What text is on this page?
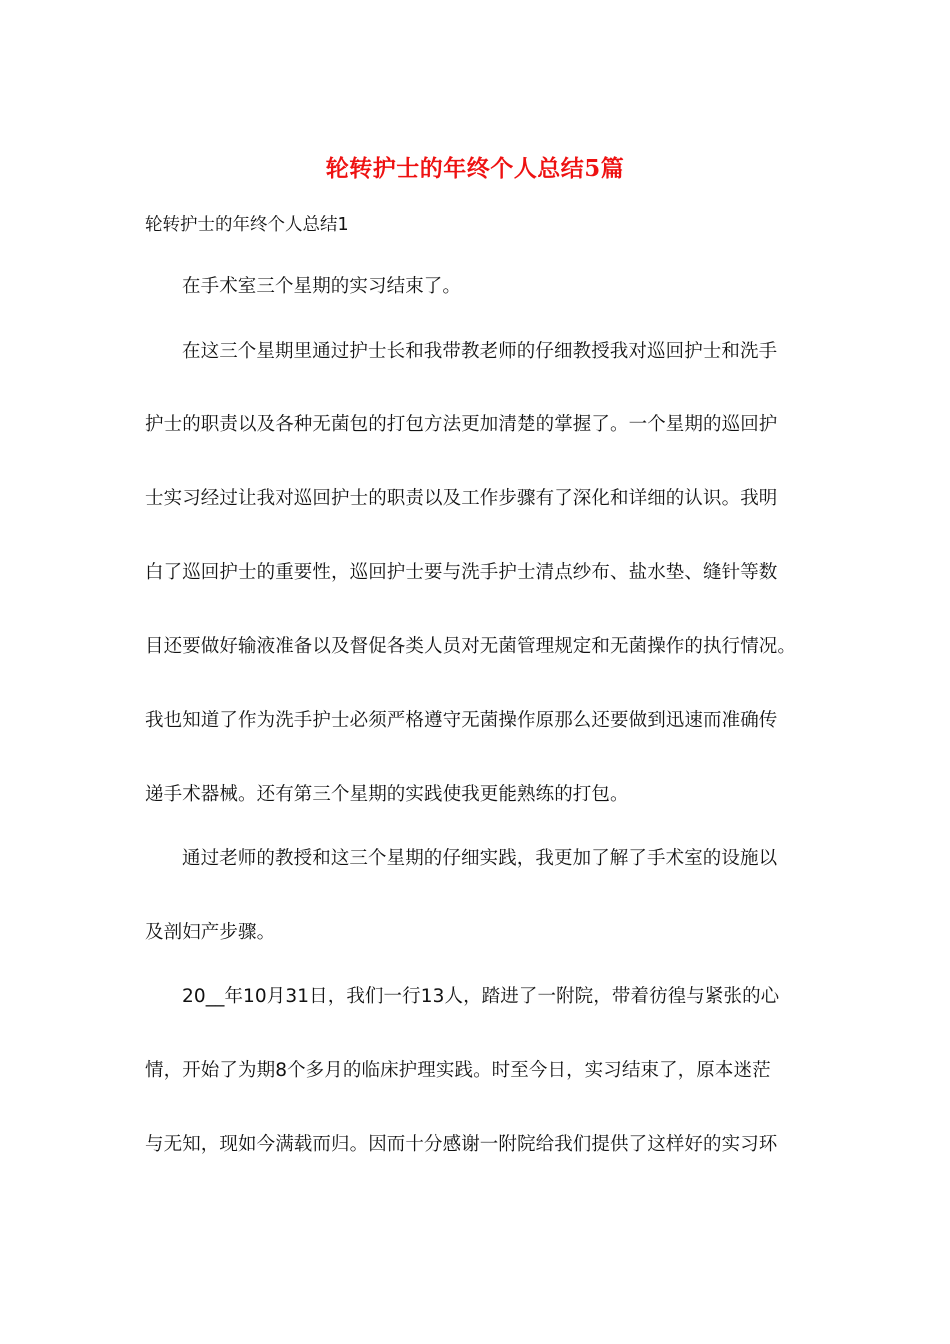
轮转护士的年终个人总结5篇
轮转护士的年终个人总结1
在手术室三个星期的实习结束了。
在这三个星期里通过护士长和我带教老师的仔细教授我对巡回护士和洗手
护士的职责以及各种无菌包的打包方法更加清楚的掌握了。一个星期的巡回护
士实习经过让我对巡回护士的职责以及工作步骤有了深化和详细的认识。我明
白了巡回护士的重要性，巡回护士要与洗手护士清点纱布、盐水垫、缝针等数
目还要做好输液准备以及督促各类人员对无菌管理规定和无菌操作的执行情况。
我也知道了作为洗手护士必须严格遵守无菌操作原那么还要做到迅速而准确传
递手术器械。还有第三个星期的实践使我更能熟练的打包。
通过老师的教授和这三个星期的仔细实践，我更加了解了手术室的设施以
及剖妇产步骤。
20__年10月31日，我们一行13人，踏进了一附院，带着彷徨与紧张的心
情，开始了为期8个多月的临床护理实践。时至今日，实习结束了，原本迷茫
与无知，现如今满载而归。因而十分感谢一附院给我们提供了这样好的实习环
